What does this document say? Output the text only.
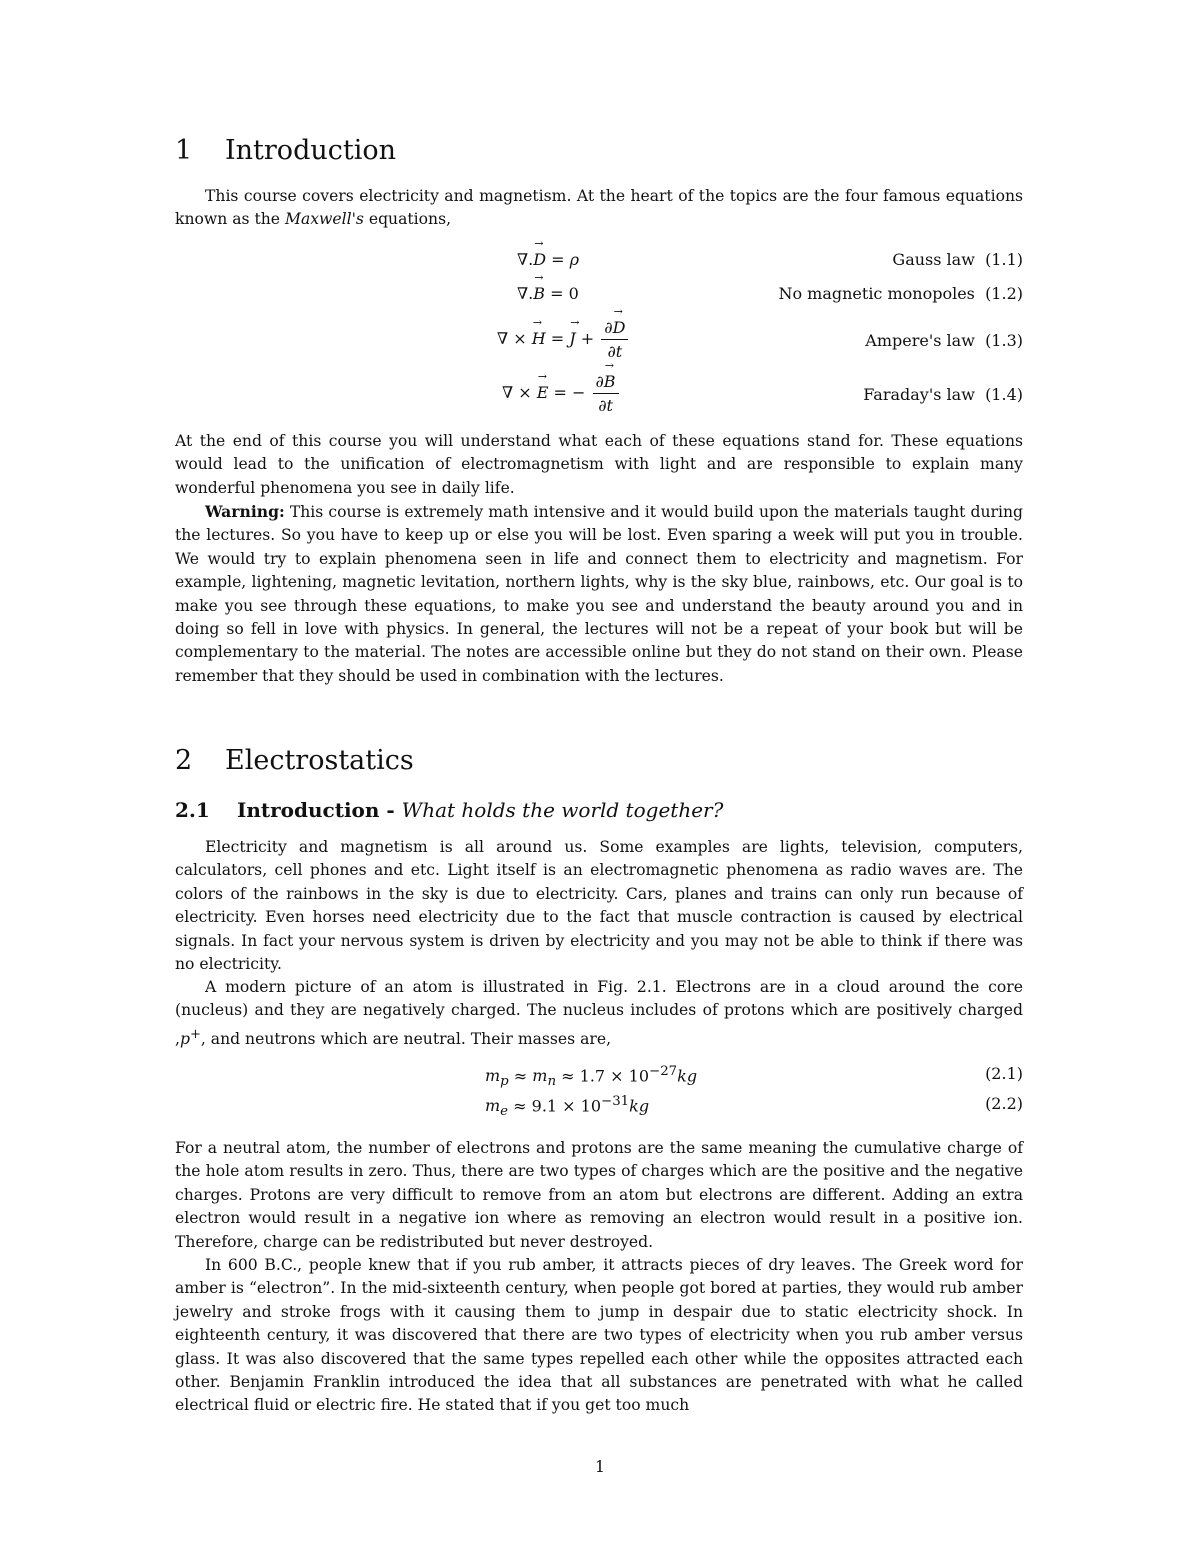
1 Introduction

This course covers electricity and magnetism. At the heart of the topics are the four famous equations known as the Maxwell's equations,

∇.→ D = ρ	Gauss law (1.1)
∇.→ B = 0	No magnetic monopoles (1.2)
∇ × → H = → $J + \frac{\partial\to D}{\partial t}$	Ampere's law (1.3)
∇ × → E = − $\frac{\partial\to B}{\partial t}$	Faraday's law (1.4)

At the end of this course you will understand what each of these equations stand for. These equations would lead to the unification of electromagnetism with light and are responsible to explain many wonderful phenomena you see in daily life.

Warning: This course is extremely math intensive and it would build upon the materials taught during the lectures. So you have to keep up or else you will be lost. Even sparing a week will put you in trouble. We would try to explain phenomena seen in life and connect them to electricity and magnetism. For example, lightening, magnetic levitation, northern lights, why is the sky blue, rainbows, etc. Our goal is to make you see through these equations, to make you see and understand the beauty around you and in doing so fell in love with physics. In general, the lectures will not be a repeat of your book but will be complementary to the material. The notes are accessible online but they do not stand on their own. Please remember that they should be used in combination with the lectures.

2 Electrostatics
2.1 Introduction - What holds the world together?

Electricity and magnetism is all around us. Some examples are lights, television, computers, calculators, cell phones and etc. Light itself is an electromagnetic phenomena as radio waves are. The colors of the rainbows in the sky is due to electricity. Cars, planes and trains can only run because of electricity. Even horses need electricity due to the fact that muscle contraction is caused by electrical signals. In fact your nervous system is driven by electricity and you may not be able to think if there was no electricity.

A modern picture of an atom is illustrated in Fig. 2.1. Electrons are in a cloud around the core (nucleus) and they are negatively charged. The nucleus includes of protons which are positively charged ,p+, and neutrons which are neutral. Their masses are,

$m_p \approx m_n \approx 1.7 \times 10^{-27}kg$	(2.1)
$m_e \approx 9.1 \times 10^{-31}kg$	(2.2)

For a neutral atom, the number of electrons and protons are the same meaning the cumulative charge of the hole atom results in zero. Thus, there are two types of charges which are the positive and the negative charges. Protons are very difficult to remove from an atom but electrons are different. Adding an extra electron would result in a negative ion where as removing an electron would result in a positive ion. Therefore, charge can be redistributed but never destroyed.

In 600 B.C., people knew that if you rub amber, it attracts pieces of dry leaves. The Greek word for amber is “electron”. In the mid-sixteenth century, when people got bored at parties, they would rub amber jewelry and stroke frogs with it causing them to jump in despair due to static electricity shock. In eighteenth century, it was discovered that there are two types of electricity when you rub amber versus glass. It was also discovered that the same types repelled each other while the opposites attracted each other. Benjamin Franklin introduced the idea that all substances are penetrated with what he called electrical fluid or electric fire. He stated that if you get too much

1
